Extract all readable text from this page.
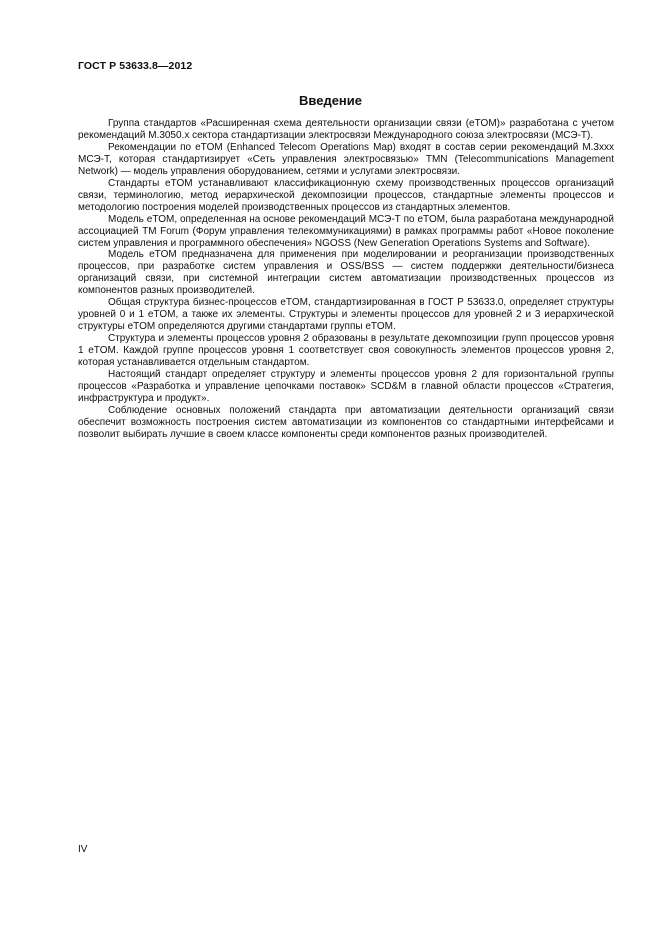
ГОСТ Р 53633.8—2012
Введение

Группа стандартов «Расширенная схема деятельности организации связи (eTOM)» разработана с учетом рекомендаций М.3050.x сектора стандартизации электросвязи Международного союза электросвязи (МСЭ-Т).

Рекомендации по eTOM (Enhanced Telecom Operations Map) входят в состав серии рекомендаций М.3xxx МСЭ-Т, которая стандартизирует «Сеть управления электросвязью» TMN (Telecommunications Management Network) — модель управления оборудованием, сетями и услугами электросвязи.

Стандарты eTOM устанавливают классификационную схему производственных процессов организаций связи, терминологию, метод иерархической декомпозиции процессов, стандартные элементы процессов и методологию построения моделей производственных процессов из стандартных элементов.

Модель eTOM, определенная на основе рекомендаций МСЭ-Т по eTOM, была разработана международной ассоциацией TM Forum (Форум управления телекоммуникациями) в рамках программы работ «Новое поколение систем управления и программного обеспечения» NGOSS (New Generation Operations Systems and Software).

Модель eTOM предназначена для применения при моделировании и реорганизации производственных процессов, при разработке систем управления и OSS/BSS — систем поддержки деятельности/бизнеса организаций связи, при системной интеграции систем автоматизации производственных процессов из компонентов разных производителей.

Общая структура бизнес-процессов eTOM, стандартизированная в ГОСТ Р 53633.0, определяет структуры уровней 0 и 1 eTOM, а также их элементы. Структуры и элементы процессов для уровней 2 и 3 иерархической структуры eTOM определяются другими стандартами группы eTOM.

Структура и элементы процессов уровня 2 образованы в результате декомпозиции групп процессов уровня 1 eTOM. Каждой группе процессов уровня 1 соответствует своя совокупность элементов процессов уровня 2, которая устанавливается отдельным стандартом.

Настоящий стандарт определяет структуру и элементы процессов уровня 2 для горизонтальной группы процессов «Разработка и управление цепочками поставок» SCD&M в главной области процессов «Стратегия, инфраструктура и продукт».

Соблюдение основных положений стандарта при автоматизации деятельности организаций связи обеспечит возможность построения систем автоматизации из компонентов со стандартными интерфейсами и позволит выбирать лучшие в своем классе компоненты среди компонентов разных производителей.

IV
